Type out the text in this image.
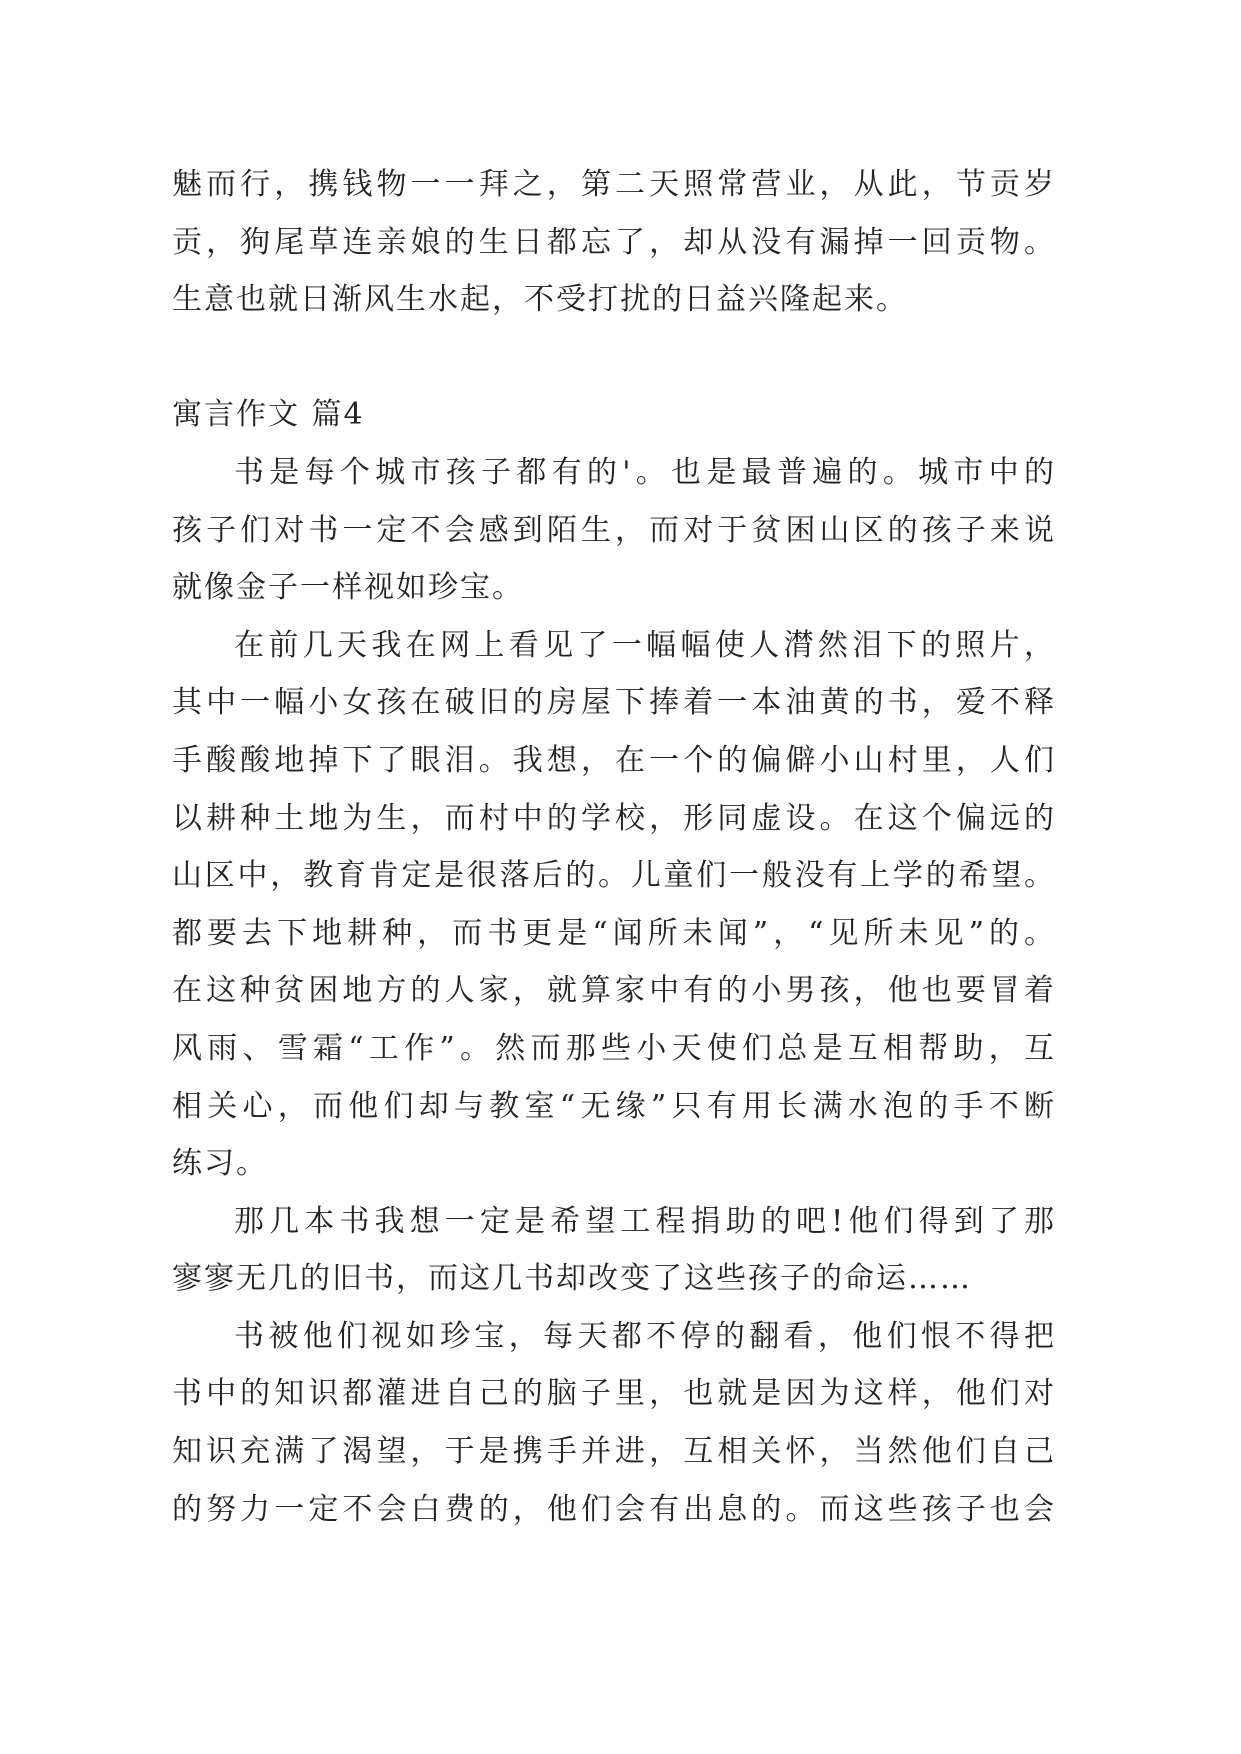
魅而行，携钱物一一拜之，第二天照常营业，从此，节贡岁
贡，狗尾草连亲娘的生日都忘了，却从没有漏掉一回贡物。
生意也就日渐风生水起，不受打扰的日益兴隆起来。
寓言作文 篇4
书是每个城市孩子都有的'。也是最普遍的。城市中的
孩子们对书一定不会感到陌生，而对于贫困山区的孩子来说
就像金子一样视如珍宝。
在前几天我在网上看见了一幅幅使人潸然泪下的照片，
其中一幅小女孩在破旧的房屋下捧着一本油黄的书，爱不释
手酸酸地掉下了眼泪。我想，在一个的偏僻小山村里，人们
以耕种土地为生，而村中的学校，形同虚设。在这个偏远的
山区中，教育肯定是很落后的。儿童们一般没有上学的希望。
都要去下地耕种，而书更是“闻所未闻”，“见所未见”的。
在这种贫困地方的人家，就算家中有的小男孩，他也要冒着
风雨、雪霜“工作”。然而那些小天使们总是互相帮助，互
相关心，而他们却与教室“无缘”只有用长满水泡的手不断
练习。
那几本书我想一定是希望工程捐助的吧!他们得到了那
寥寥无几的旧书，而这几书却改变了这些孩子的命运……
书被他们视如珍宝，每天都不停的翻看，他们恨不得把
书中的知识都灌进自己的脑子里，也就是因为这样，他们对
知识充满了渴望，于是携手并进，互相关怀，当然他们自己
的努力一定不会白费的，他们会有出息的。而这些孩子也会
